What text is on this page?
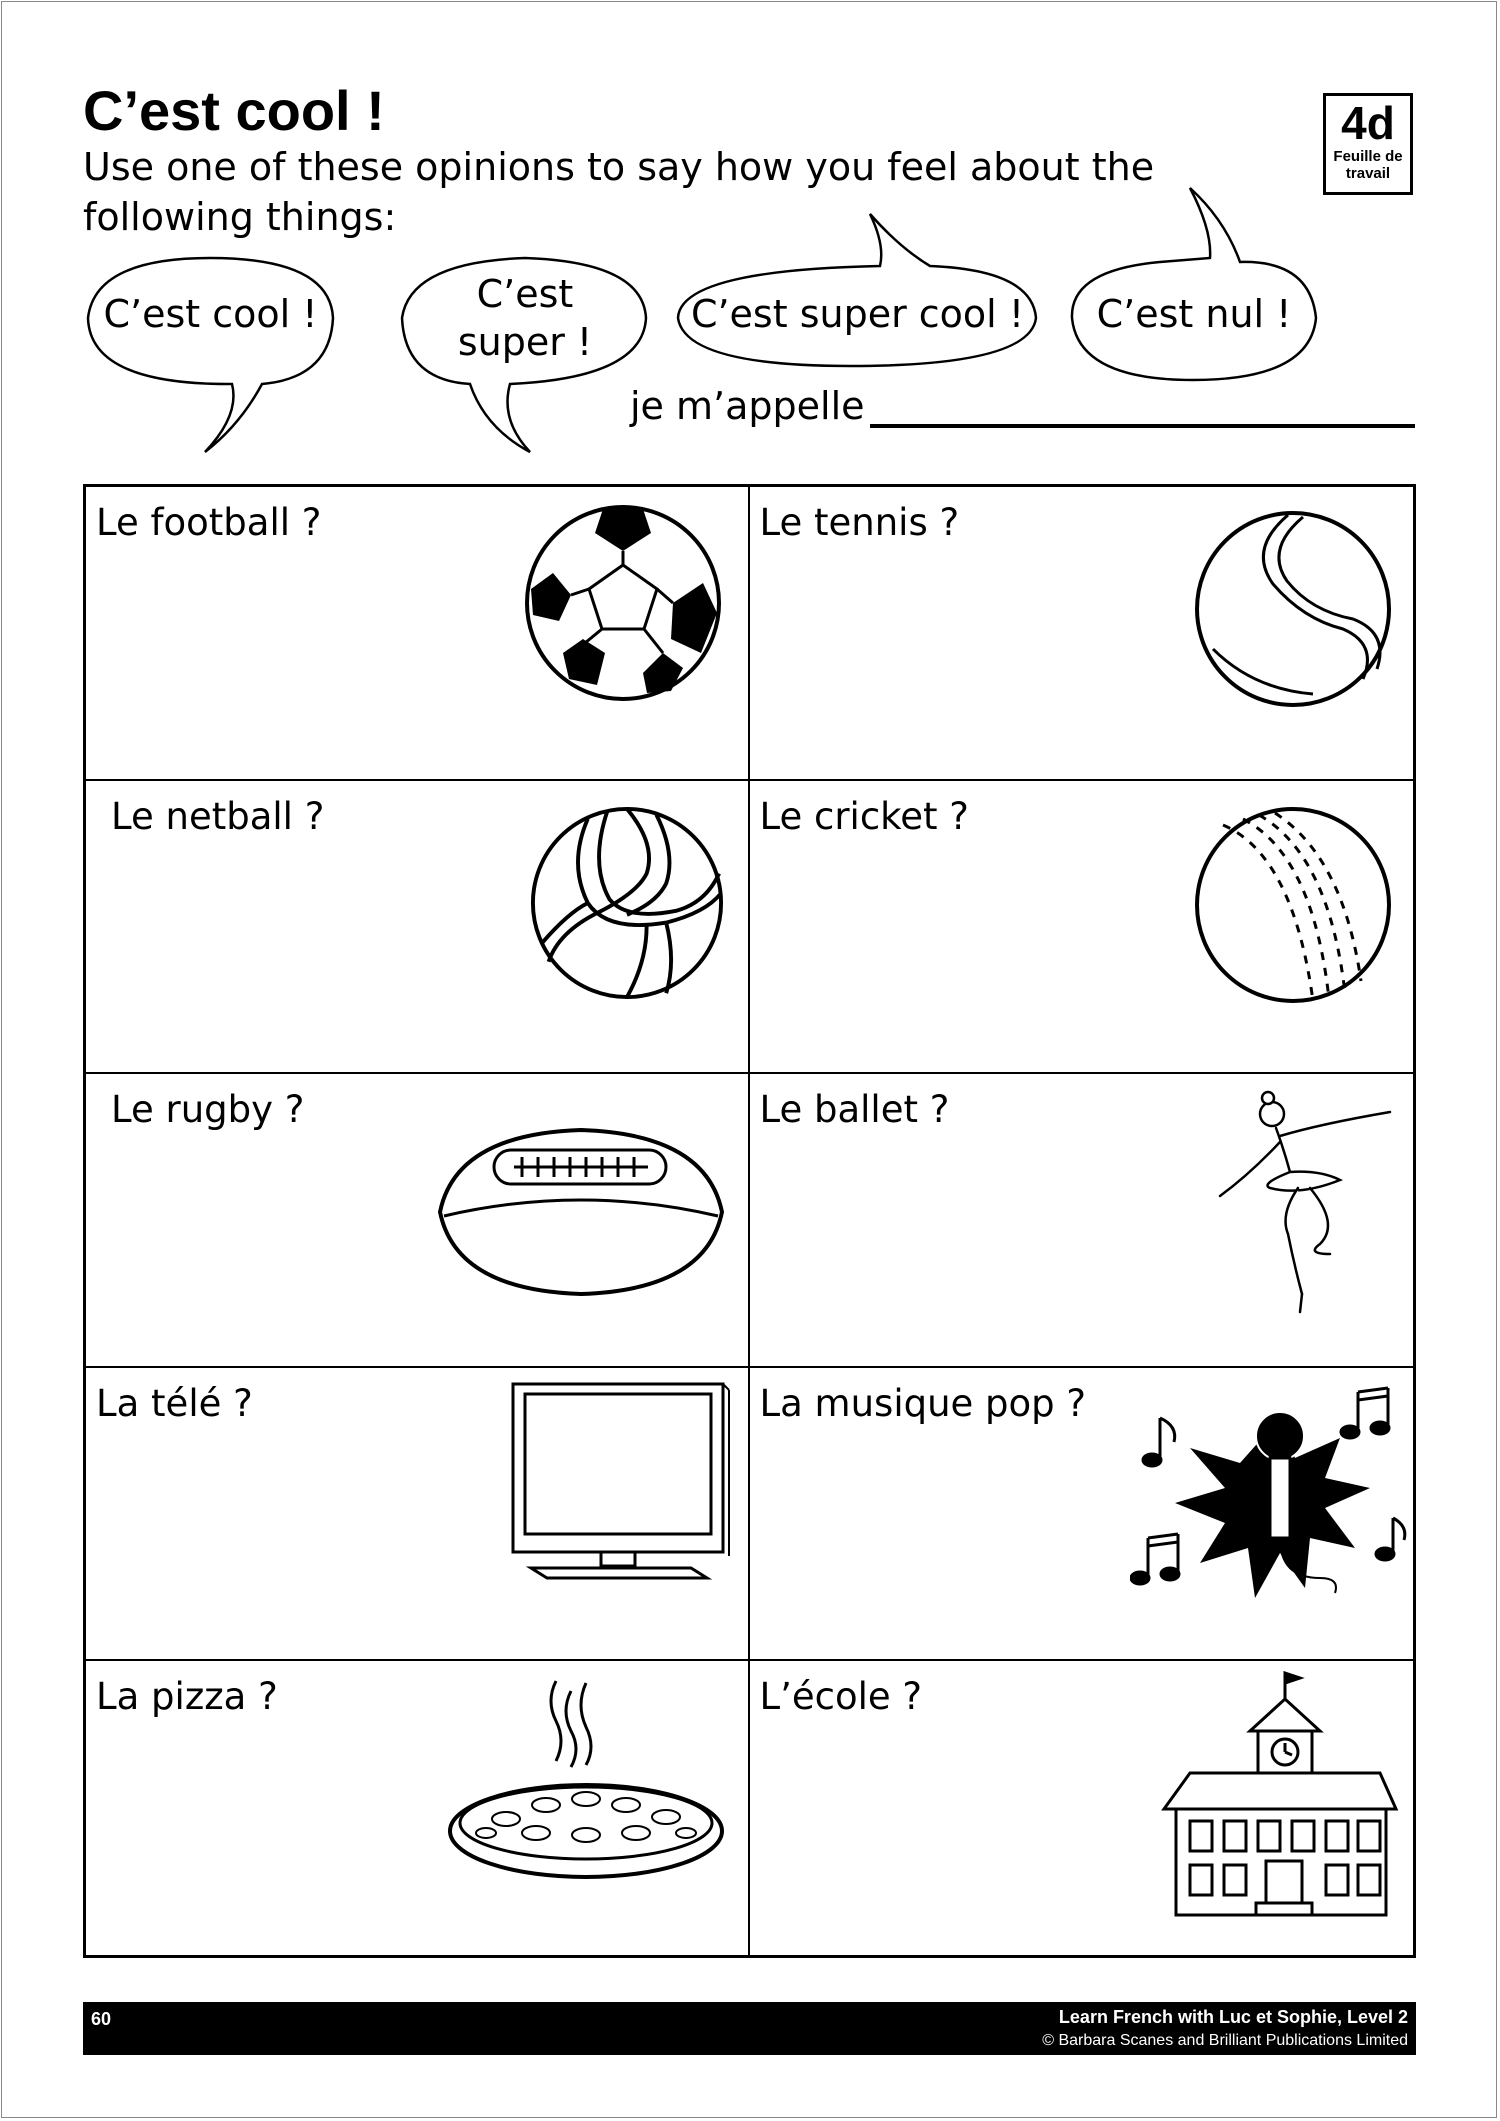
C’est cool !
Use one of these opinions to say how you feel about the following things:
4d
Feuille de travail
C’est cool !	C’est super !
C’est super cool !	C’est nul !
je m’appelle
Le football ?	Le tennis ?
Le netball ?	Le cricket ?
Le rugby ?	Le ballet ?
La télé ?	La musique pop ?
La pizza ?	L’école ?
60	Learn French with Luc et Sophie, Level 2
© Barbara Scanes and Brilliant Publications Limited
